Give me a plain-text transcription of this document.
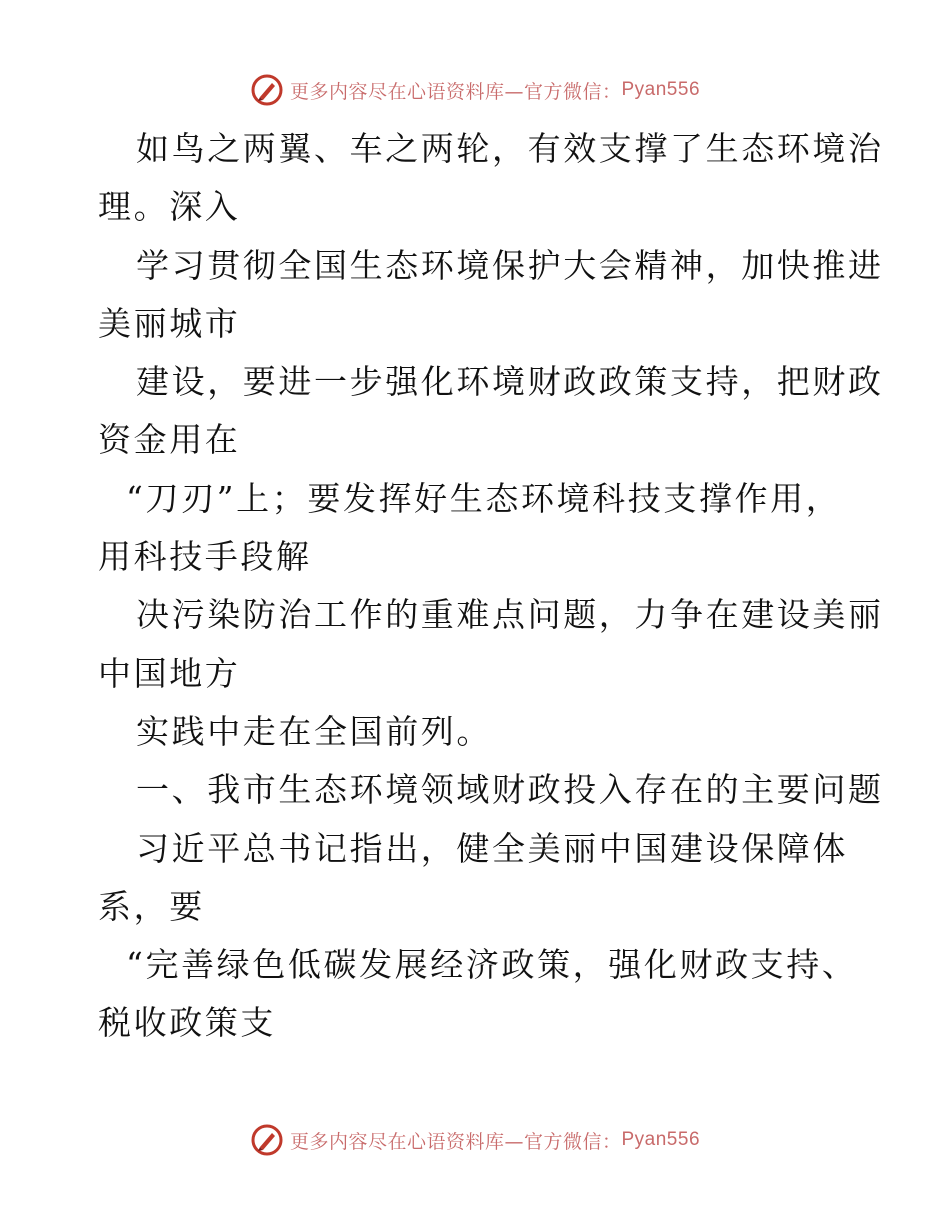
更多内容尽在心语资料库—官方微信： Pyan556
如鸟之两翼、车之两轮，有效支撑了生态环境治
理。深入
学习贯彻全国生态环境保护大会精神，加快推进
美丽城市
建设，要进一步强化环境财政政策支持，把财政
资金用在
“刀刃”上；要发挥好生态环境科技支撑作用，
用科技手段解
决污染防治工作的重难点问题，力争在建设美丽
中国地方
实践中走在全国前列。
一、我市生态环境领域财政投入存在的主要问题
习近平总书记指出，健全美丽中国建设保障体
系，要
“完善绿色低碳发展经济政策，强化财政支持、
税收政策支
更多内容尽在心语资料库—官方微信： Pyan556
